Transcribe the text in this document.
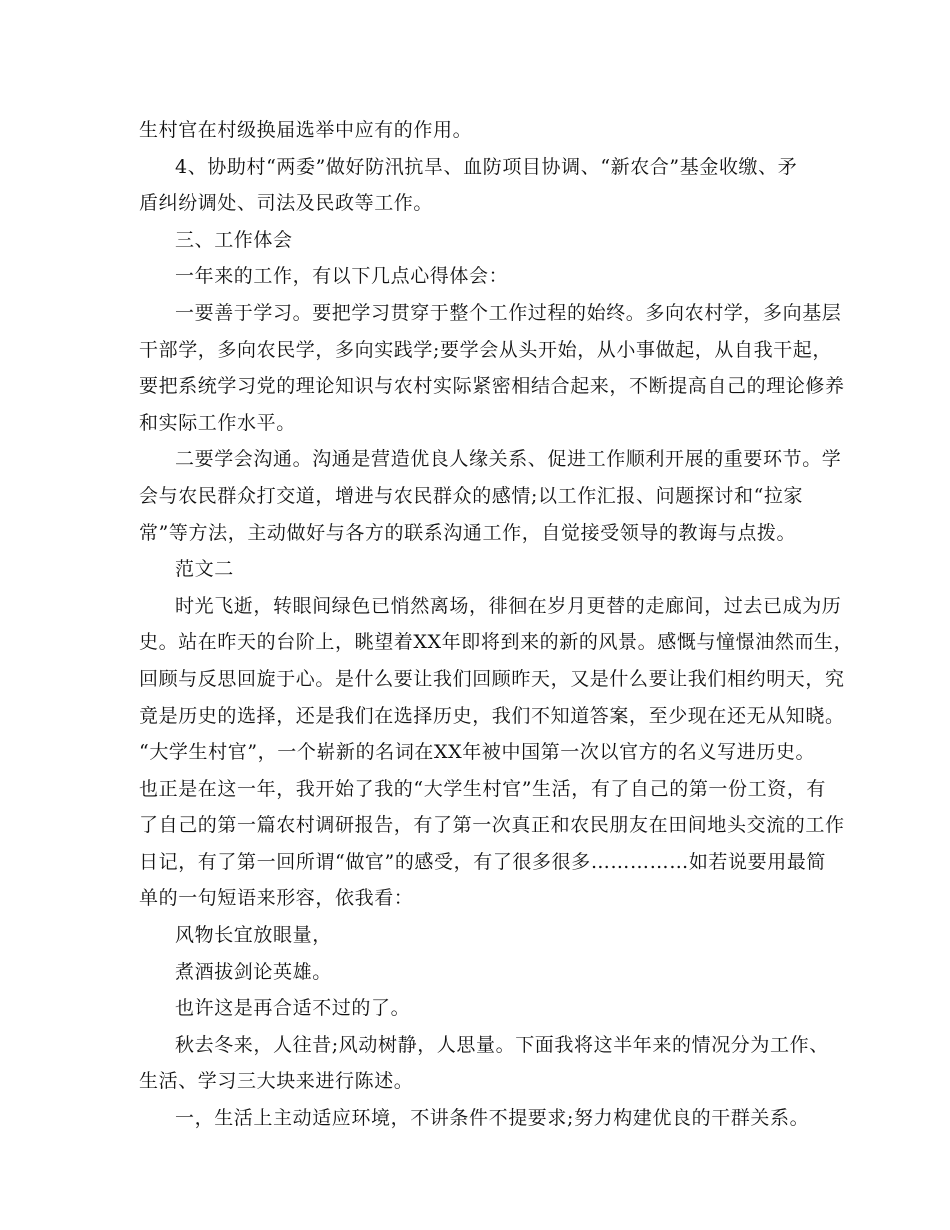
生村官在村级换届选举中应有的作用。
4、协助村“两委”做好防汛抗旱、血防项目协调、“新农合”基金收缴、矛
盾纠纷调处、司法及民政等工作。
三、工作体会
一年来的工作，有以下几点心得体会：
一要善于学习。要把学习贯穿于整个工作过程的始终。多向农村学，多向基层
干部学，多向农民学，多向实践学;要学会从头开始，从小事做起，从自我干起，
要把系统学习党的理论知识与农村实际紧密相结合起来，不断提高自己的理论修养
和实际工作水平。
二要学会沟通。沟通是营造优良人缘关系、促进工作顺利开展的重要环节。学
会与农民群众打交道，增进与农民群众的感情;以工作汇报、问题探讨和“拉家
常”等方法，主动做好与各方的联系沟通工作，自觉接受领导的教诲与点拨。
范文二
时光飞逝，转眼间绿色已悄然离场，徘徊在岁月更替的走廊间，过去已成为历
史。站在昨天的台阶上，眺望着XX年即将到来的新的风景。感慨与憧憬油然而生，
回顾与反思回旋于心。是什么要让我们回顾昨天，又是什么要让我们相约明天，究
竟是历史的选择，还是我们在选择历史，我们不知道答案，至少现在还无从知晓。
“大学生村官”，一个崭新的名词在XX年被中国第一次以官方的名义写进历史。
也正是在这一年，我开始了我的“大学生村官”生活，有了自己的第一份工资，有
了自己的第一篇农村调研报告，有了第一次真正和农民朋友在田间地头交流的工作
日记，有了第一回所谓“做官”的感受，有了很多很多……………如若说要用最简
单的一句短语来形容，依我看：
风物长宜放眼量，
煮酒拔剑论英雄。
也许这是再合适不过的了。
秋去冬来，人往昔;风动树静，人思量。下面我将这半年来的情况分为工作、
生活、学习三大块来进行陈述。
一，生活上主动适应环境，不讲条件不提要求;努力构建优良的干群关系。
